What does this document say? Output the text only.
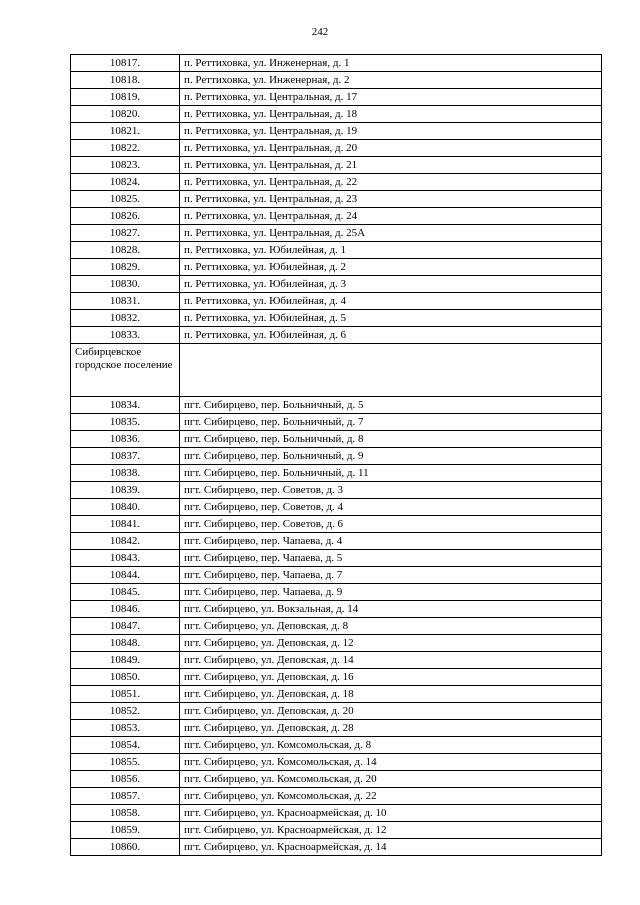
242
10817.	п. Реттиховка, ул. Инженерная, д. 1
10818.	п. Реттиховка, ул. Инженерная, д. 2
10819.	п. Реттиховка, ул. Центральная, д. 17
10820.	п. Реттиховка, ул. Центральная, д. 18
10821.	п. Реттиховка, ул. Центральная, д. 19
10822.	п. Реттиховка, ул. Центральная, д. 20
10823.	п. Реттиховка, ул. Центральная, д. 21
10824.	п. Реттиховка, ул. Центральная, д. 22
10825.	п. Реттиховка, ул. Центральная, д. 23
10826.	п. Реттиховка, ул. Центральная, д. 24
10827.	п. Реттиховка, ул. Центральная, д. 25А
10828.	п. Реттиховка, ул. Юбилейная, д. 1
10829.	п. Реттиховка, ул. Юбилейная, д. 2
10830.	п. Реттиховка, ул. Юбилейная, д. 3
10831.	п. Реттиховка, ул. Юбилейная, д. 4
10832.	п. Реттиховка, ул. Юбилейная, д. 5
10833.	п. Реттиховка, ул. Юбилейная, д. 6
Сибирцевское городское поселение	
10834.	пгт. Сибирцево, пер. Больничный, д. 5
10835.	пгт. Сибирцево, пер. Больничный, д. 7
10836.	пгт. Сибирцево, пер. Больничный, д. 8
10837.	пгт. Сибирцево, пер. Больничный, д. 9
10838.	пгт. Сибирцево, пер. Больничный, д. 11
10839.	пгт. Сибирцево, пер. Советов, д. 3
10840.	пгт. Сибирцево, пер. Советов, д. 4
10841.	пгт. Сибирцево, пер. Советов, д. 6
10842.	пгт. Сибирцево, пер. Чапаева, д. 4
10843.	пгт. Сибирцево, пер. Чапаева, д. 5
10844.	пгт. Сибирцево, пер. Чапаева, д. 7
10845.	пгт. Сибирцево, пер. Чапаева, д. 9
10846.	пгт. Сибирцево, ул. Вокзальная, д. 14
10847.	пгт. Сибирцево, ул. Деповская, д. 8
10848.	пгт. Сибирцево, ул. Деповская, д. 12
10849.	пгт. Сибирцево, ул. Деповская, д. 14
10850.	пгт. Сибирцево, ул. Деповская, д. 16
10851.	пгт. Сибирцево, ул. Деповская, д. 18
10852.	пгт. Сибирцево, ул. Деповская, д. 20
10853.	пгт. Сибирцево, ул. Деповская, д. 28
10854.	пгт. Сибирцево, ул. Комсомольская, д. 8
10855.	пгт. Сибирцево, ул. Комсомольская, д. 14
10856.	пгт. Сибирцево, ул. Комсомольская, д. 20
10857.	пгт. Сибирцево, ул. Комсомольская, д. 22
10858.	пгт. Сибирцево, ул. Красноармейская, д. 10
10859.	пгт. Сибирцево, ул. Красноармейская, д. 12
10860.	пгт. Сибирцево, ул. Красноармейская, д. 14
